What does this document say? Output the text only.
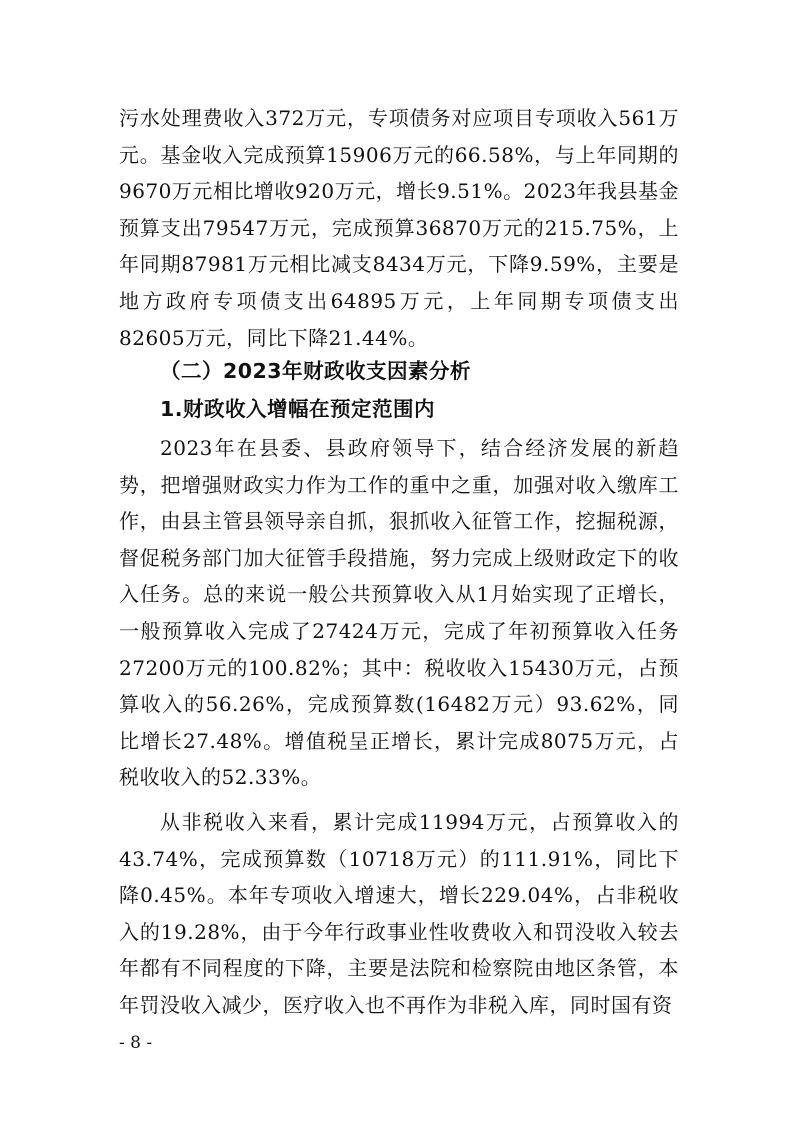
污水处理费收入372万元，专项债务对应项目专项收入561万元。基金收入完成预算15906万元的66.58%，与上年同期的9670万元相比增收920万元，增长9.51%。2023年我县基金预算支出79547万元，完成预算36870万元的215.75%，上年同期87981万元相比减支8434万元，下降9.59%，主要是地方政府专项债支出64895万元，上年同期专项债支出82605万元，同比下降21.44%。

（二）2023年财政收支因素分析

1.财政收入增幅在预定范围内

2023年在县委、县政府领导下，结合经济发展的新趋势，把增强财政实力作为工作的重中之重，加强对收入缴库工作，由县主管县领导亲自抓，狠抓收入征管工作，挖掘税源，督促税务部门加大征管手段措施，努力完成上级财政定下的收入任务。总的来说一般公共预算收入从1月始实现了正增长，一般预算收入完成了27424万元，完成了年初预算收入任务27200万元的100.82%；其中：税收收入15430万元，占预算收入的56.26%，完成预算数(16482万元）93.62%，同比增长27.48%。增值税呈正增长，累计完成8075万元，占税收收入的52.33%。

从非税收入来看，累计完成11994万元，占预算收入的43.74%，完成预算数（10718万元）的111.91%，同比下降0.45%。本年专项收入增速大，增长229.04%，占非税收入的19.28%，由于今年行政事业性收费收入和罚没收入较去年都有不同程度的下降，主要是法院和检察院由地区条管，本年罚没收入减少，医疗收入也不再作为非税入库，同时国有资

- 8 -
